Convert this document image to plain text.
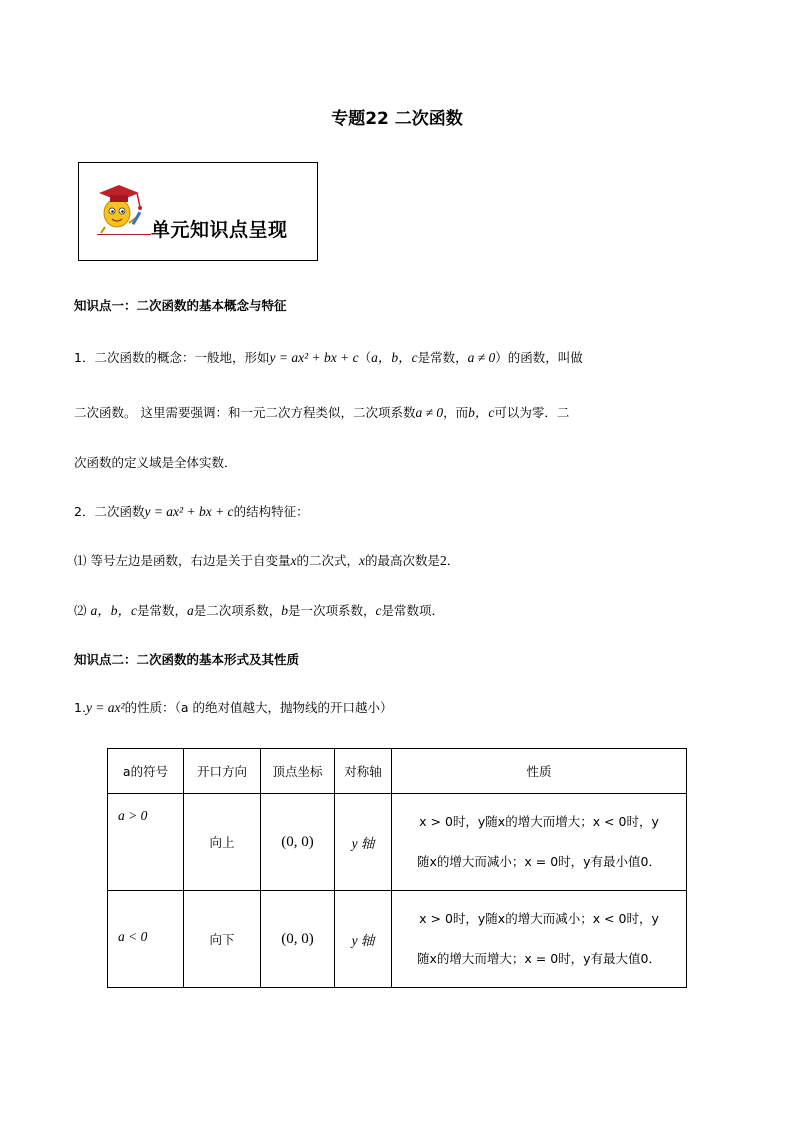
专题22 二次函数
单元知识点呈现
知识点一：二次函数的基本概念与特征
1．二次函数的概念：一般地，形如y = ax² + bx + c（a，b，c是常数，a ≠ 0）的函数，叫做
二次函数。 这里需要强调：和一元二次方程类似，二次项系数a ≠ 0，而b，c可以为零．二
次函数的定义域是全体实数．
2．二次函数y = ax² + bx + c的结构特征：
⑴ 等号左边是函数，右边是关于自变量x的二次式，x的最高次数是2．
⑵ a，b，c是常数，a是二次项系数，b是一次项系数，c是常数项．
知识点二：二次函数的基本形式及其性质
1.y = ax²的性质：（a 的绝对值越大，抛物线的开口越小）
a的符号	开口方向	顶点坐标	对称轴	性质

a > 0	向上	(0, 0)	y 轴	x > 0时，y随x的增大而增大；x < 0时，y
随x的增大而减小；x = 0时，y有最小值0．

a < 0	向下	(0, 0)	y 轴	x > 0时，y随x的增大而减小；x < 0时，y
随x的增大而增大；x = 0时，y有最大值0．
